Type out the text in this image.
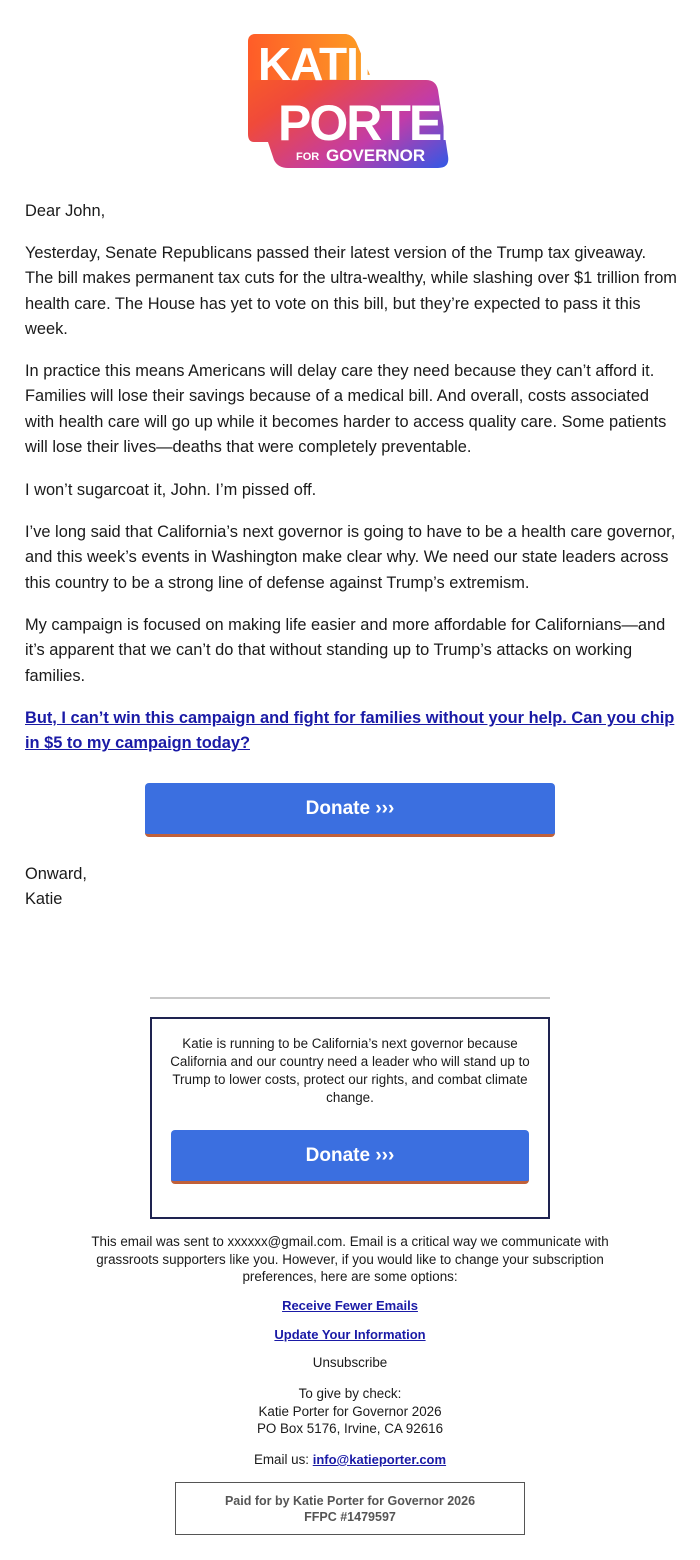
KATIE
PORTER
FOR GOVERNOR

Dear John,

Yesterday, Senate Republicans passed their latest version of the Trump tax giveaway. The bill makes permanent tax cuts for the ultra-wealthy, while slashing over $1 trillion from health care. The House has yet to vote on this bill, but they’re expected to pass it this week.

In practice this means Americans will delay care they need because they can’t afford it. Families will lose their savings because of a medical bill. And overall, costs associated with health care will go up while it becomes harder to access quality care. Some patients will lose their lives—deaths that were completely preventable.

I won’t sugarcoat it, John. I’m pissed off.

I’ve long said that California’s next governor is going to have to be a health care governor, and this week’s events in Washington make clear why. We need our state leaders across this country to be a strong line of defense against Trump’s extremism.

My campaign is focused on making life easier and more affordable for Californians—and it’s apparent that we can’t do that without standing up to Trump’s attacks on working families.

But, I can’t win this campaign and fight for families without your help. Can you chip in $5 to my campaign today?

Donate ›››
Onward,
Katie

Katie is running to be California’s next governor because California and our country need a leader who will stand up to Trump to lower costs, protect our rights, and combat climate change.

Donate ›››

This email was sent to xxxxxx@gmail.com. Email is a critical way we communicate with grassroots supporters like you. However, if you would like to change your subscription preferences, here are some options:

Receive Fewer Emails

Update Your Information

Unsubscribe

To give by check:
Katie Porter for Governor 2026
PO Box 5176, Irvine, CA 92616

Email us: info@katieporter.com

Paid for by Katie Porter for Governor 2026
FFPC #1479597
